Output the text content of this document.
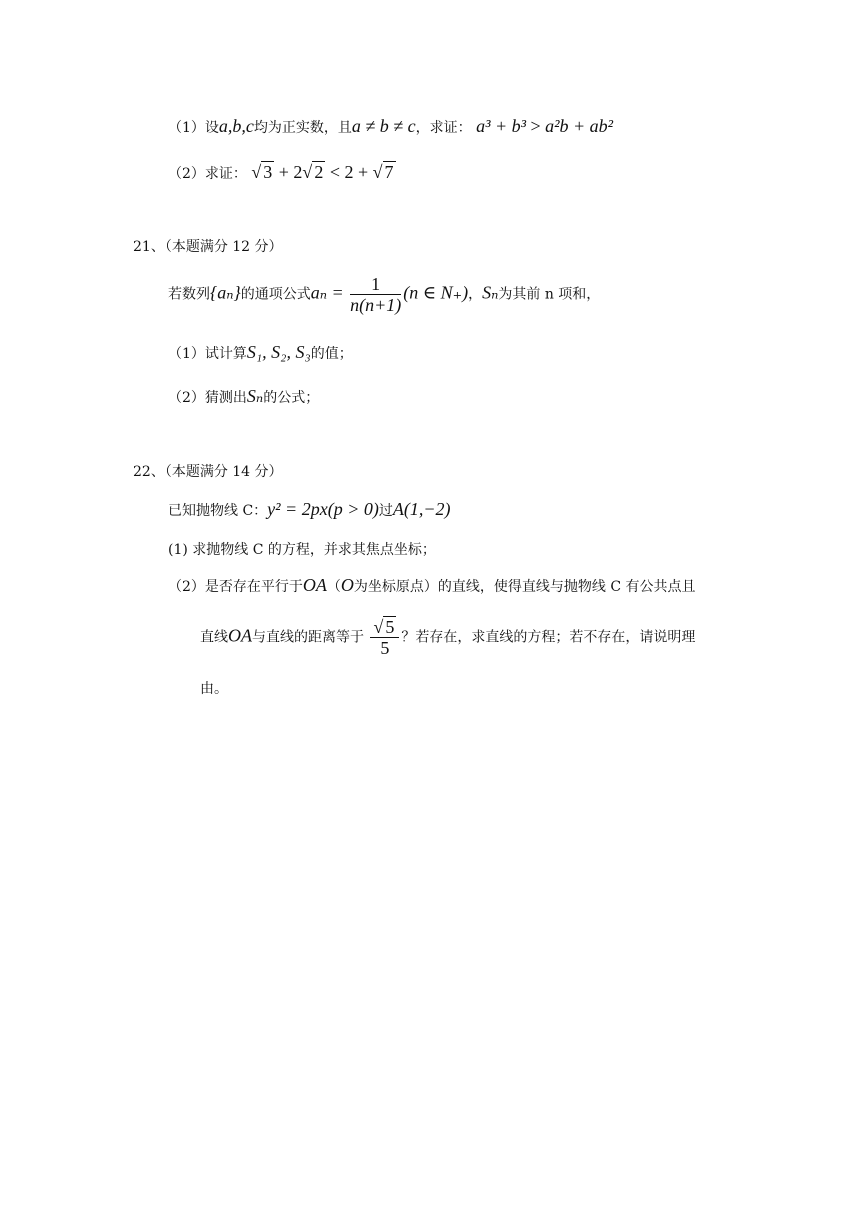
（1）设a,b,c均为正实数，且a ≠ b ≠ c，求证： a³ + b³ > a²b + ab²
（2）求证： √ 3 + 2√ 2 < 2 + √ 7
21、（本题满分 12 分）
若数列{aₙ}的通项公式$a_n = \frac{1}{n(n+1)} (n$ ∈ N₊)，Sₙ为其前 n 项和，
（1）试计算S₁, S₂, S₃的值；
（2）猜测出Sₙ的公式；
22、（本题满分 14 分）
已知抛物线 C：y² = 2px(p > 0)过A(1,−2)
(1) 求抛物线 C 的方程，并求其焦点坐标；
（2）是否存在平行于OA（O为坐标原点）的直线，使得直线与抛物线 C 有公共点且
直线OA与直线的距离等于 $\frac{√ 5}{5}$ ？若存在，求直线的方程；若不存在，请说明理
由。
